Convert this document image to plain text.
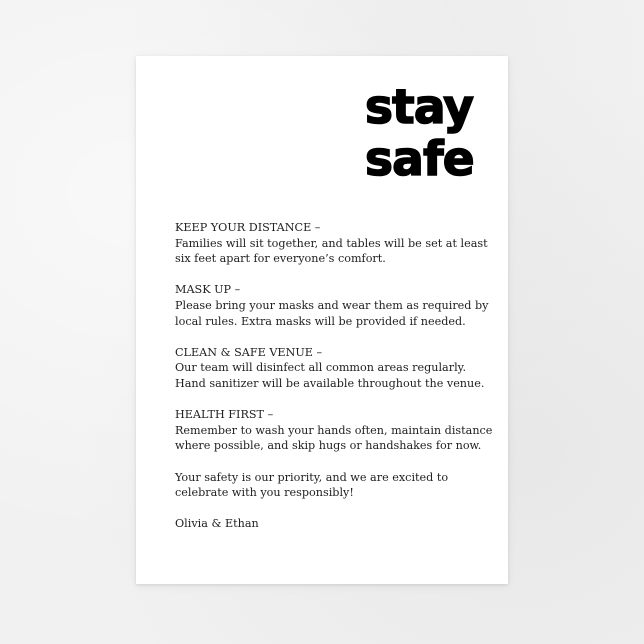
stay
safe
KEEP YOUR DISTANCE –
Families will sit together, and tables will be set at least six feet apart for everyone’s comfort.
MASK UP –
Please bring your masks and wear them as required by local rules. Extra masks will be provided if needed.
CLEAN & SAFE VENUE –
Our team will disinfect all common areas regularly. Hand sanitizer will be available throughout the venue.
HEALTH FIRST –
Remember to wash your hands often, maintain distance where possible, and skip hugs or handshakes for now.

Your safety is our priority, and we are excited to celebrate with you responsibly!

Olivia & Ethan
